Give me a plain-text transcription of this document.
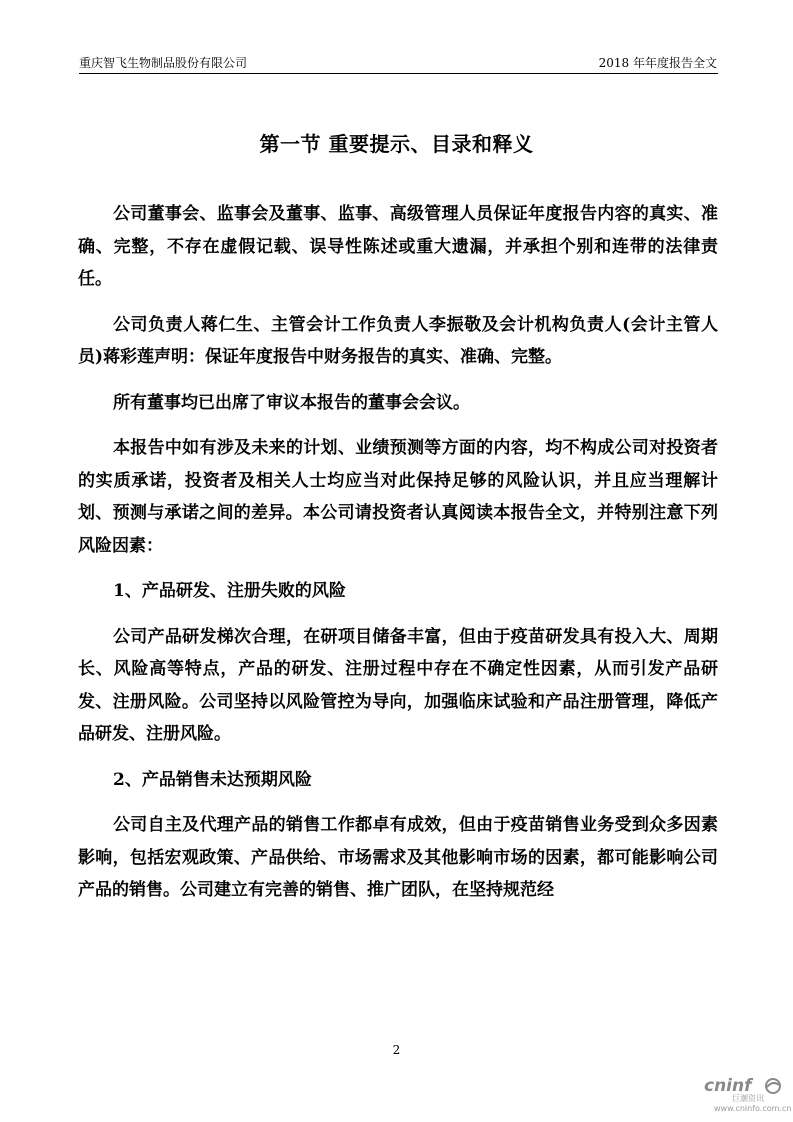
重庆智飞生物制品股份有限公司	2018 年年度报告全文
第一节 重要提示、目录和释义

公司董事会、监事会及董事、监事、高级管理人员保证年度报告内容的真实、准确、完整，不存在虚假记载、误导性陈述或重大遗漏，并承担个别和连带的法律责任。

公司负责人蒋仁生、主管会计工作负责人李振敬及会计机构负责人(会计主管人员)蒋彩莲声明：保证年度报告中财务报告的真实、准确、完整。

所有董事均已出席了审议本报告的董事会会议。

本报告中如有涉及未来的计划、业绩预测等方面的内容，均不构成公司对投资者的实质承诺，投资者及相关人士均应当对此保持足够的风险认识，并且应当理解计划、预测与承诺之间的差异。本公司请投资者认真阅读本报告全文，并特别注意下列风险因素：

1、产品研发、注册失败的风险

公司产品研发梯次合理，在研项目储备丰富，但由于疫苗研发具有投入大、周期长、风险高等特点，产品的研发、注册过程中存在不确定性因素，从而引发产品研发、注册风险。公司坚持以风险管控为导向，加强临床试验和产品注册管理，降低产品研发、注册风险。

2、产品销售未达预期风险

公司自主及代理产品的销售工作都卓有成效，但由于疫苗销售业务受到众多因素影响，包括宏观政策、产品供给、市场需求及其他影响市场的因素，都可能影响公司产品的销售。公司建立有完善的销售、推广团队，在坚持规范经

2
cninf
巨潮资讯
www.cninfo.com.cn
